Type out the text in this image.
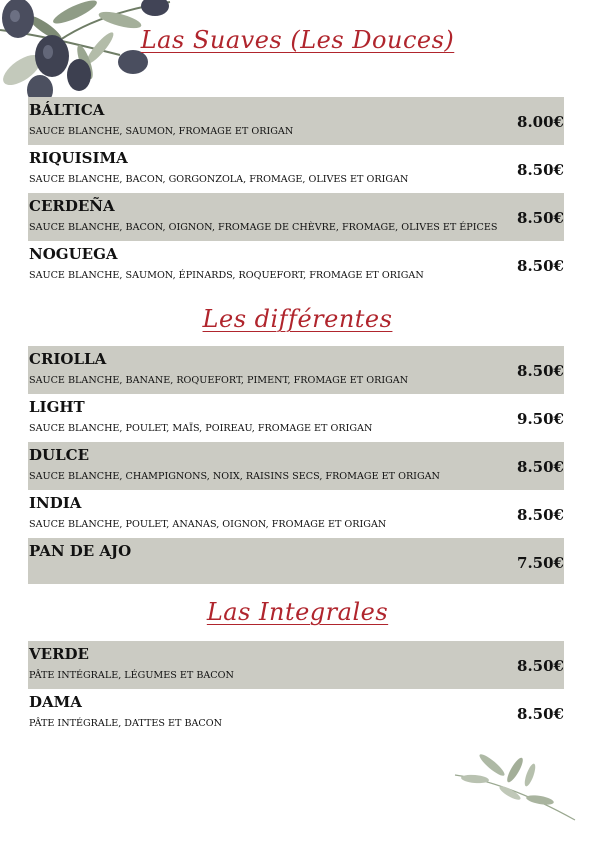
Las Suaves (Les Douces)
BÁLTICA
SAUCE BLANCHE, SAUMON, FROMAGE ET ORIGAN
8.00€
RIQUISIMA
SAUCE BLANCHE, BACON, GORGONZOLA, FROMAGE, OLIVES ET ORIGAN
8.50€
CERDEÑA
SAUCE BLANCHE, BACON, OIGNON, FROMAGE DE CHÈVRE, FROMAGE, OLIVES ET ÉPICES
8.50€
NOGUEGA
SAUCE BLANCHE, SAUMON, ÉPINARDS, ROQUEFORT, FROMAGE ET ORIGAN
8.50€
Les différentes
CRIOLLA
SAUCE BLANCHE, BANANE, ROQUEFORT, PIMENT, FROMAGE ET ORIGAN
8.50€
LIGHT
SAUCE BLANCHE, POULET, MAÏS, POIREAU, FROMAGE ET ORIGAN
9.50€
DULCE
SAUCE BLANCHE, CHAMPIGNONS, NOIX, RAISINS SECS, FROMAGE ET ORIGAN
8.50€
INDIA
SAUCE BLANCHE, POULET, ANANAS, OIGNON, FROMAGE ET ORIGAN
8.50€
PAN DE AJO
7.50€
Las Integrales
VERDE
PÂTE INTÉGRALE, LÉGUMES ET BACON
8.50€
DAMA
PÂTE INTÉGRALE, DATTES ET BACON
8.50€
